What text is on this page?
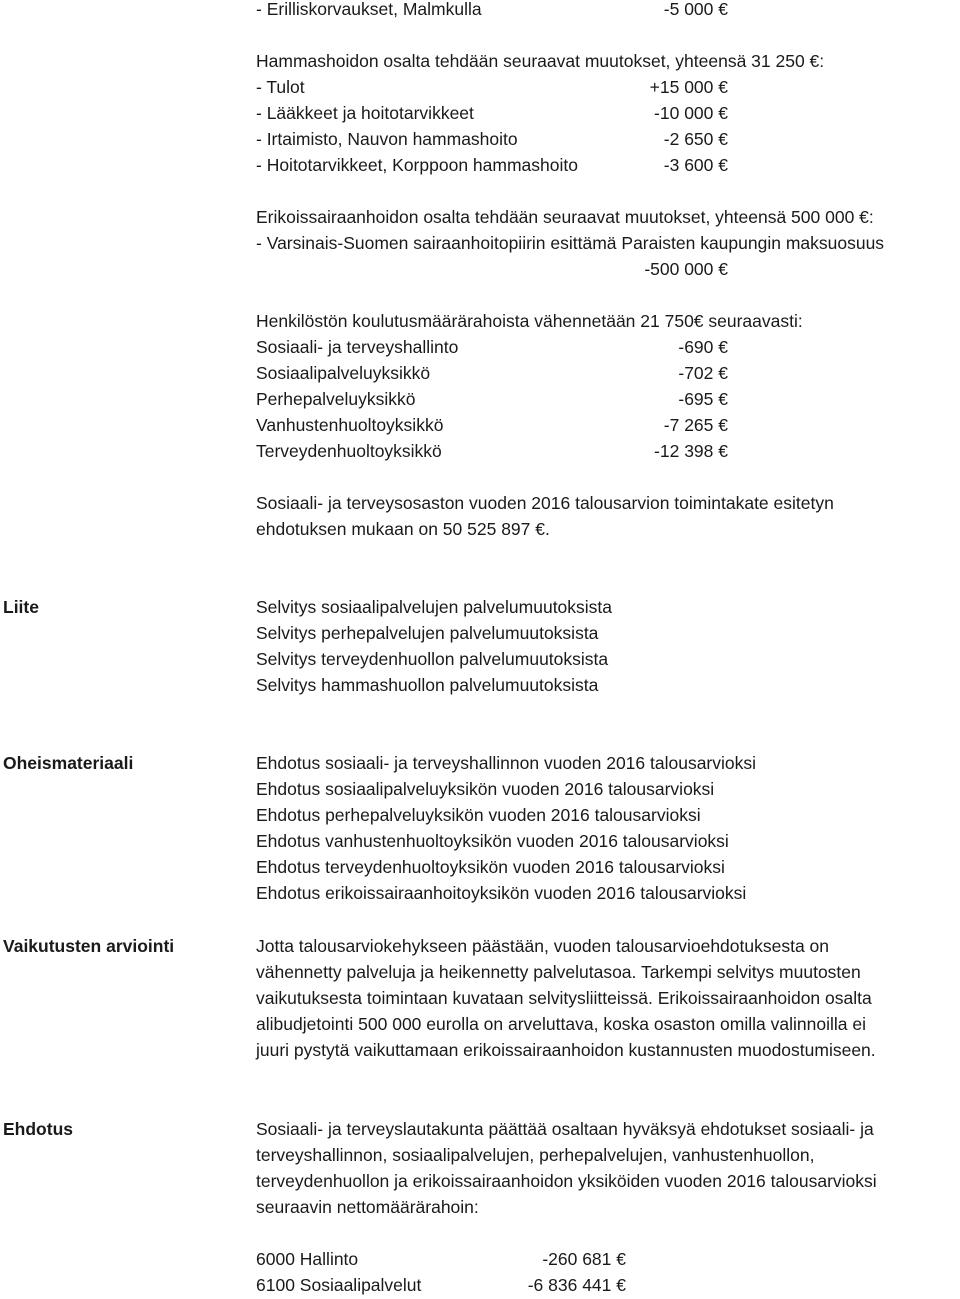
- Erilliskorvaukset, Malmkulla	-5 000 €
Hammashoidon osalta tehdään seuraavat muutokset, yhteensä 31 250 €:
- Tulot	+15 000 €
- Lääkkeet ja hoitotarvikkeet	-10 000 €
- Irtaimisto, Nauvon hammashoito	-2 650 €
- Hoitotarvikkeet, Korppoon hammashoito	-3 600 €
Erikoissairaanhoidon osalta tehdään seuraavat muutokset, yhteensä 500 000 €:
- Varsinais-Suomen sairaanhoitopiirin esittämä Paraisten kaupungin maksuosuus
-500 000 €
Henkilöstön koulutusmäärärahoista vähennetään 21 750€ seuraavasti:
Sosiaali- ja terveyshallinto	-690 €
Sosiaalipalveluyksikkö	-702 €
Perhepalveluyksikkö	-695 €
Vanhustenhuoltoyksikkö	-7 265 €
Terveydenhuoltoyksikkö	-12 398 €
Sosiaali- ja terveysosaston vuoden 2016 talousarvion toimintakate esitetyn
ehdotuksen mukaan on 50 525 897 €.
Liite	Selvitys sosiaalipalvelujen palvelumuutoksista
Selvitys perhepalvelujen palvelumuutoksista
Selvitys terveydenhuollon palvelumuutoksista
Selvitys hammashuollon palvelumuutoksista
Oheismateriaali	Ehdotus sosiaali- ja terveyshallinnon vuoden 2016 talousarvioksi
Ehdotus sosiaalipalveluyksikön vuoden 2016 talousarvioksi
Ehdotus perhepalveluyksikön vuoden 2016 talousarvioksi
Ehdotus vanhustenhuoltoyksikön vuoden 2016 talousarvioksi
Ehdotus terveydenhuoltoyksikön vuoden 2016 talousarvioksi
Ehdotus erikoissairaanhoitoyksikön vuoden 2016 talousarvioksi
Vaikutusten arviointi	Jotta talousarviokehykseen päästään, vuoden talousarvioehdotuksesta on
vähennetty palveluja ja heikennetty palvelutasoa. Tarkempi selvitys muutosten
vaikutuksesta toimintaan kuvataan selvitysliitteissä. Erikoissairaanhoidon osalta
alibudjetointi 500 000 eurolla on arveluttava, koska osaston omilla valinnoilla ei
juuri pystytä vaikuttamaan erikoissairaanhoidon kustannusten muodostumiseen.
Ehdotus	Sosiaali- ja terveyslautakunta päättää osaltaan hyväksyä ehdotukset sosiaali- ja
terveyshallinnon, sosiaalipalvelujen, perhepalvelujen, vanhustenhuollon,
terveydenhuollon ja erikoissairaanhoidon yksiköiden vuoden 2016 talousarvioksi
seuraavin nettomäärärahoin:
6000 Hallinto	-260 681 €
6100 Sosiaalipalvelut	-6 836 441 €
